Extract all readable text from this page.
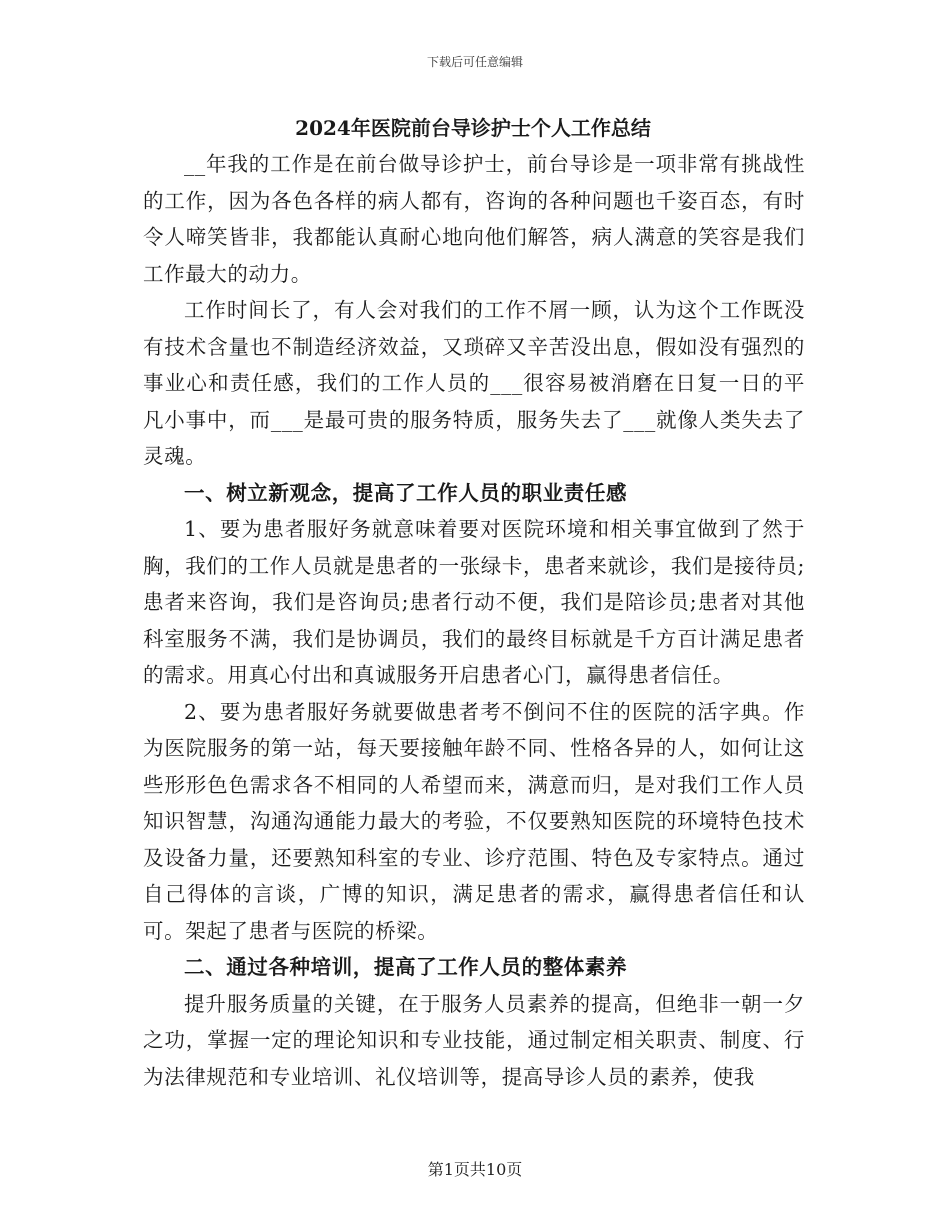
下载后可任意编辑
2024年医院前台导诊护士个人工作总结

__年我的工作是在前台做导诊护士，前台导诊是一项非常有挑战性的工作，因为各色各样的病人都有，咨询的各种问题也千姿百态，有时令人啼笑皆非，我都能认真耐心地向他们解答，病人满意的笑容是我们工作最大的动力。

工作时间长了，有人会对我们的工作不屑一顾，认为这个工作既没有技术含量也不制造经济效益，又琐碎又辛苦没出息，假如没有强烈的事业心和责任感，我们的工作人员的___很容易被消磨在日复一日的平凡小事中，而___是最可贵的服务特质，服务失去了___就像人类失去了灵魂。

一、树立新观念，提高了工作人员的职业责任感

1、要为患者服好务就意味着要对医院环境和相关事宜做到了然于胸，我们的工作人员就是患者的一张绿卡，患者来就诊，我们是接待员;患者来咨询，我们是咨询员;患者行动不便，我们是陪诊员;患者对其他科室服务不满，我们是协调员，我们的最终目标就是千方百计满足患者的需求。用真心付出和真诚服务开启患者心门，赢得患者信任。

2、要为患者服好务就要做患者考不倒问不住的医院的活字典。作为医院服务的第一站，每天要接触年龄不同、性格各异的人，如何让这些形形色色需求各不相同的人希望而来，满意而归，是对我们工作人员知识智慧，沟通沟通能力最大的考验，不仅要熟知医院的环境特色技术及设备力量，还要熟知科室的专业、诊疗范围、特色及专家特点。通过自己得体的言谈，广博的知识，满足患者的需求，赢得患者信任和认可。架起了患者与医院的桥梁。

二、通过各种培训，提高了工作人员的整体素养

提升服务质量的关键，在于服务人员素养的提高，但绝非一朝一夕之功，掌握一定的理论知识和专业技能，通过制定相关职责、制度、行为法律规范和专业培训、礼仪培训等，提高导诊人员的素养，使我

第1页共10页
